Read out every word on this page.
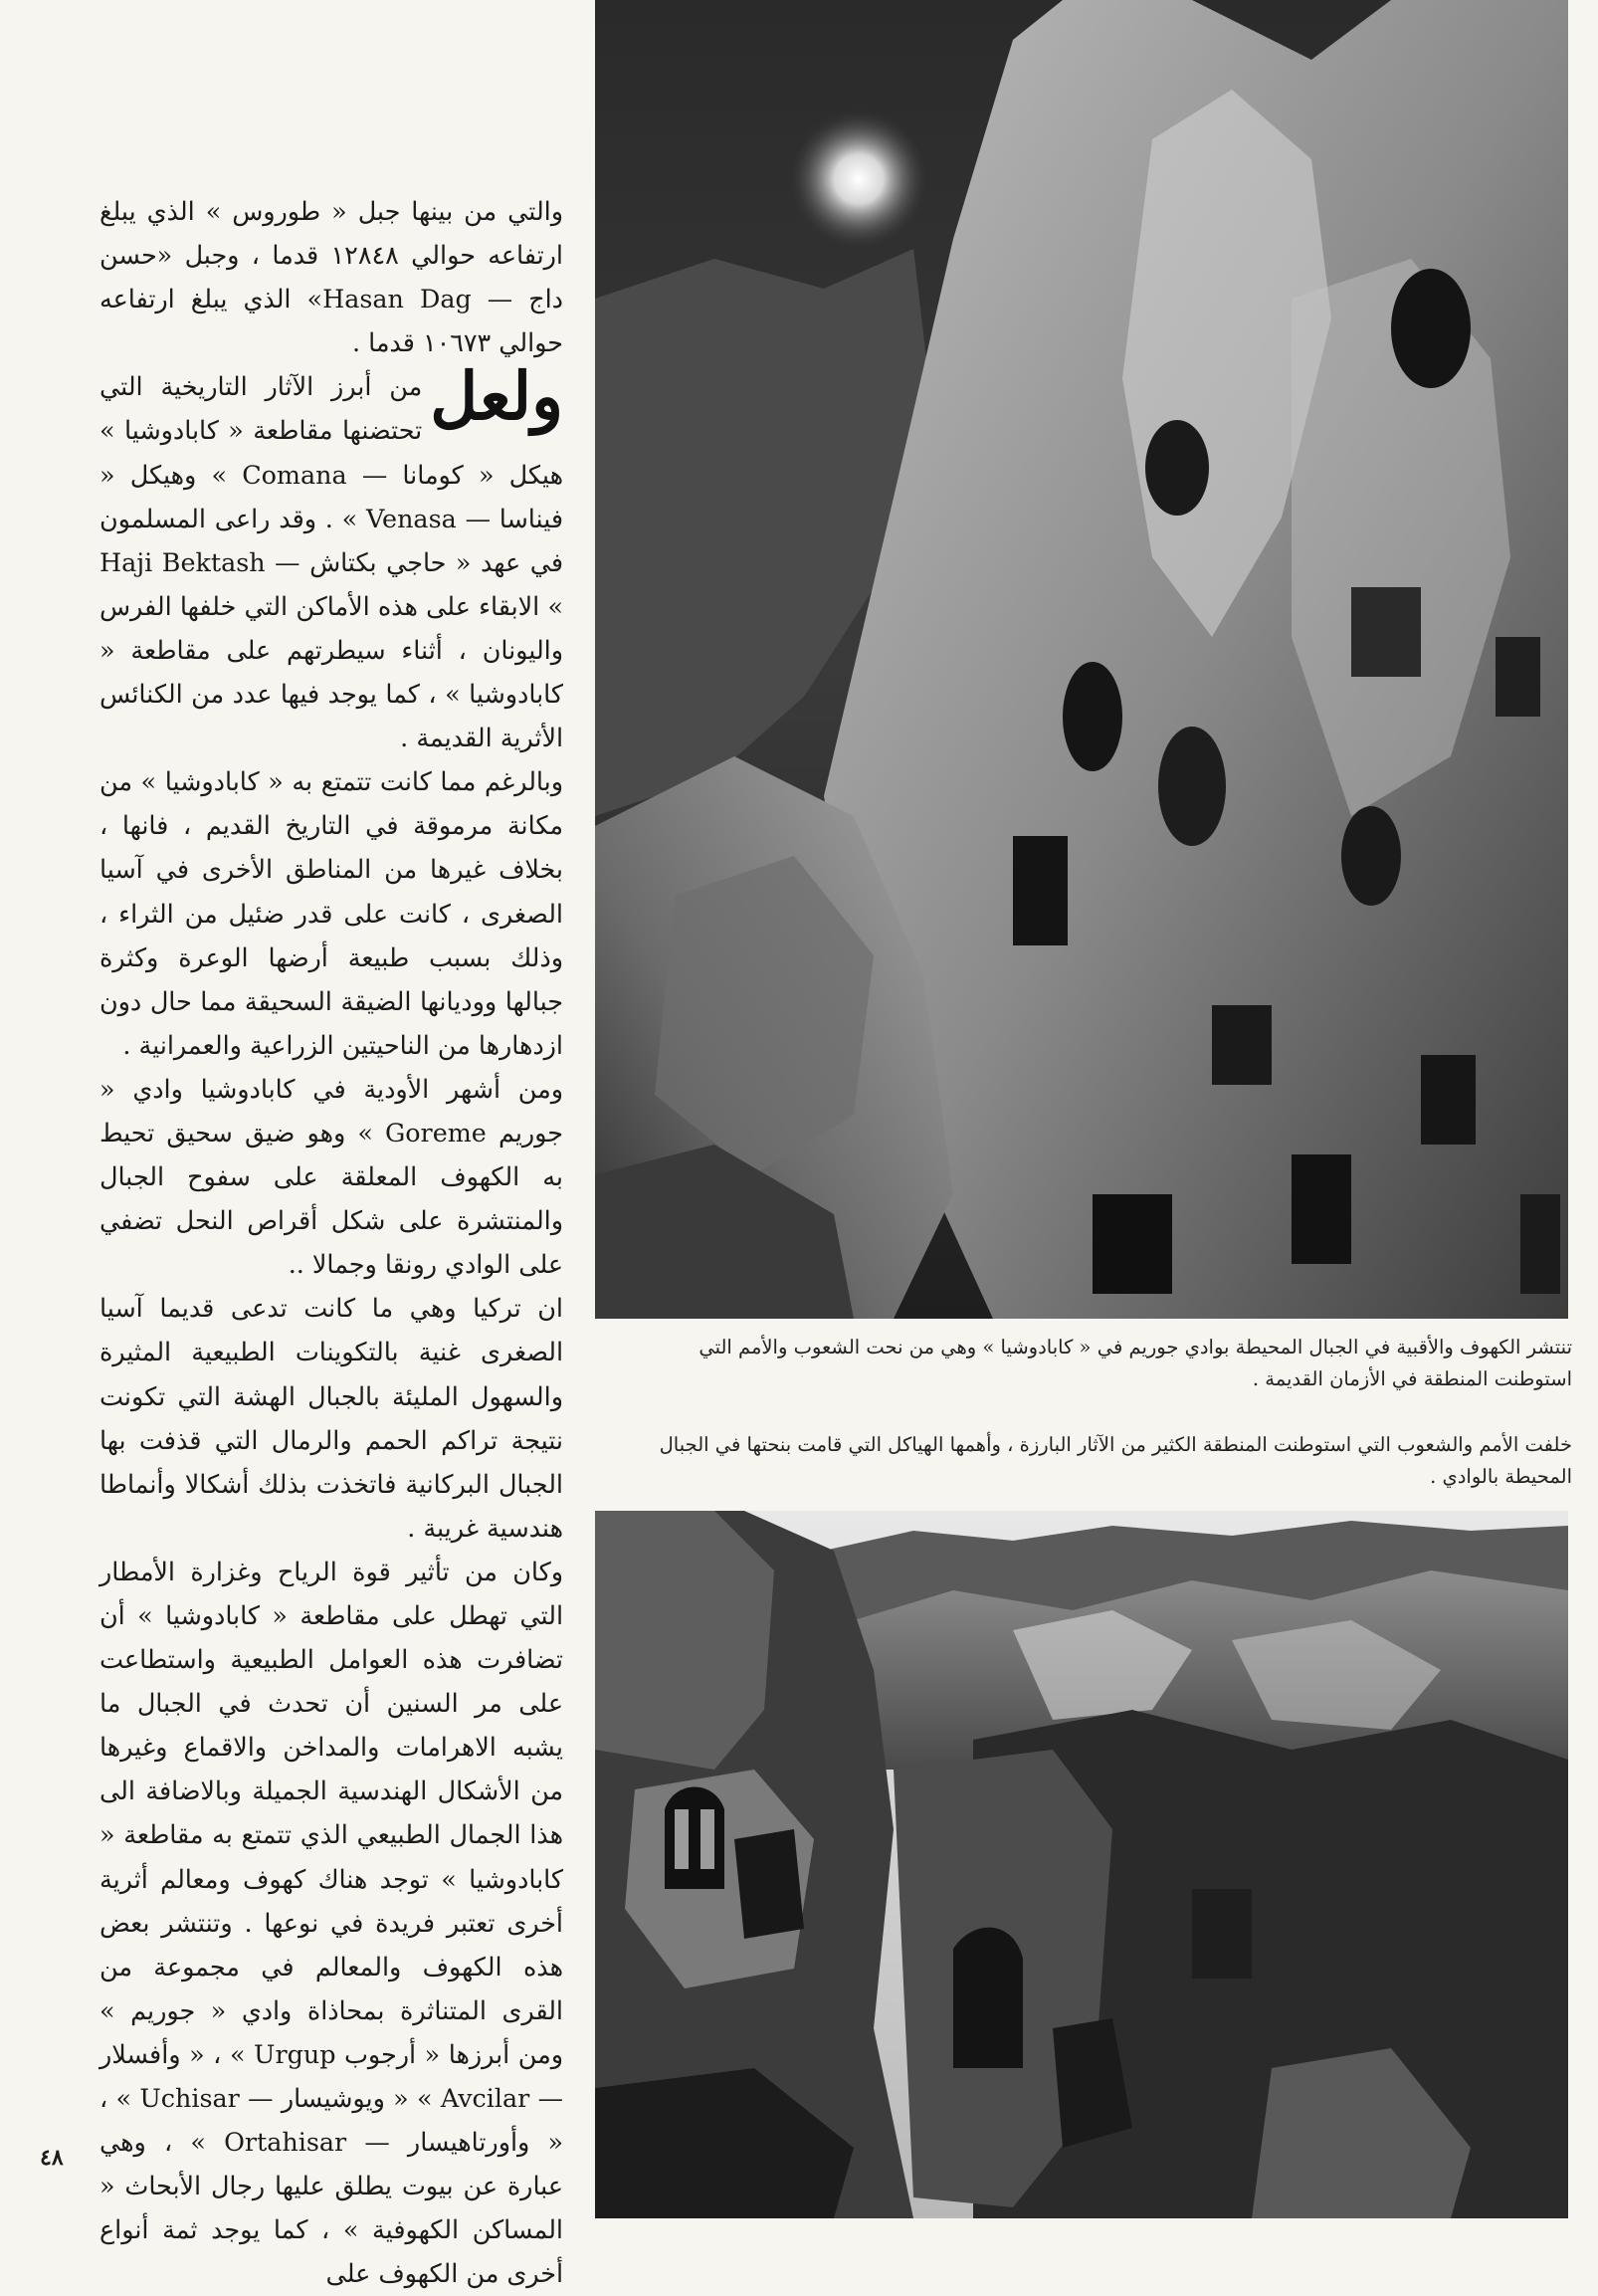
والتي من بينها جبل « طوروس » الذي يبلغ ارتفاعه حوالي ١٢٨٤٨ قدما ، وجبل «حسن داج — Hasan Dag» الذي يبلغ ارتفاعه حوالي ١٠٦٧٣ قدما .

ولعل
من أبرز الآثار التاريخية التي تحتضنها مقاطعة « كابادوشيا » هيكل « كومانا — Comana » وهيكل « فيناسا — Venasa » . وقد راعى المسلمون في عهد « حاجي بكتاش — Haji Bektash » الابقاء على هذه الأماكن التي خلفها الفرس واليونان ، أثناء سيطرتهم على مقاطعة « كابادوشيا » ، كما يوجد فيها عدد من الكنائس الأثرية القديمة .

وبالرغم مما كانت تتمتع به « كابادوشيا » من مكانة مرموقة في التاريخ القديم ، فانها ، بخلاف غيرها من المناطق الأخرى في آسيا الصغرى ، كانت على قدر ضئيل من الثراء ، وذلك بسبب طبيعة أرضها الوعرة وكثرة جبالها ووديانها الضيقة السحيقة مما حال دون ازدهارها من الناحيتين الزراعية والعمرانية .

ومن أشهر الأودية في كابادوشيا وادي « جوريم Goreme » وهو ضيق سحيق تحيط به الكهوف المعلقة على سفوح الجبال والمنتشرة على شكل أقراص النحل تضفي على الوادي رونقا وجمالا ..

ان تركيا وهي ما كانت تدعى قديما آسيا الصغرى غنية بالتكوينات الطبيعية المثيرة والسهول المليئة بالجبال الهشة التي تكونت نتيجة تراكم الحمم والرمال التي قذفت بها الجبال البركانية فاتخذت بذلك أشكالا وأنماطا هندسية غريبة .

وكان من تأثير قوة الرياح وغزارة الأمطار التي تهطل على مقاطعة « كابادوشيا » أن تضافرت هذه العوامل الطبيعية واستطاعت على مر السنين أن تحدث في الجبال ما يشبه الاهرامات والمداخن والاقماع وغيرها من الأشكال الهندسية الجميلة وبالاضافة الى هذا الجمال الطبيعي الذي تتمتع به مقاطعة « كابادوشيا » توجد هناك كهوف ومعالم أثرية أخرى تعتبر فريدة في نوعها . وتنتشر بعض هذه الكهوف والمعالم في مجموعة من القرى المتناثرة بمحاذاة وادي « جوريم » ومن أبرزها « أرجوب Urgup » ، « وأفسلار — Avcilar » « ويوشيسار — Uchisar » ، « وأورتاهيسار — Ortahisar » ، وهي عبارة عن بيوت يطلق عليها رجال الأبحاث « المساكن الكهوفية » ، كما يوجد ثمة أنواع أخرى من الكهوف على

تنتشر الكهوف والأقبية في الجبال المحيطة بوادي جوريم في « كابادوشيا » وهي من نحت الشعوب والأمم التي استوطنت المنطقة في الأزمان القديمة .

خلفت الأمم والشعوب التي استوطنت المنطقة الكثير من الآثار البارزة ، وأهمها الهياكل التي قامت بنحتها في الجبال المحيطة بالوادي .

٤٨
